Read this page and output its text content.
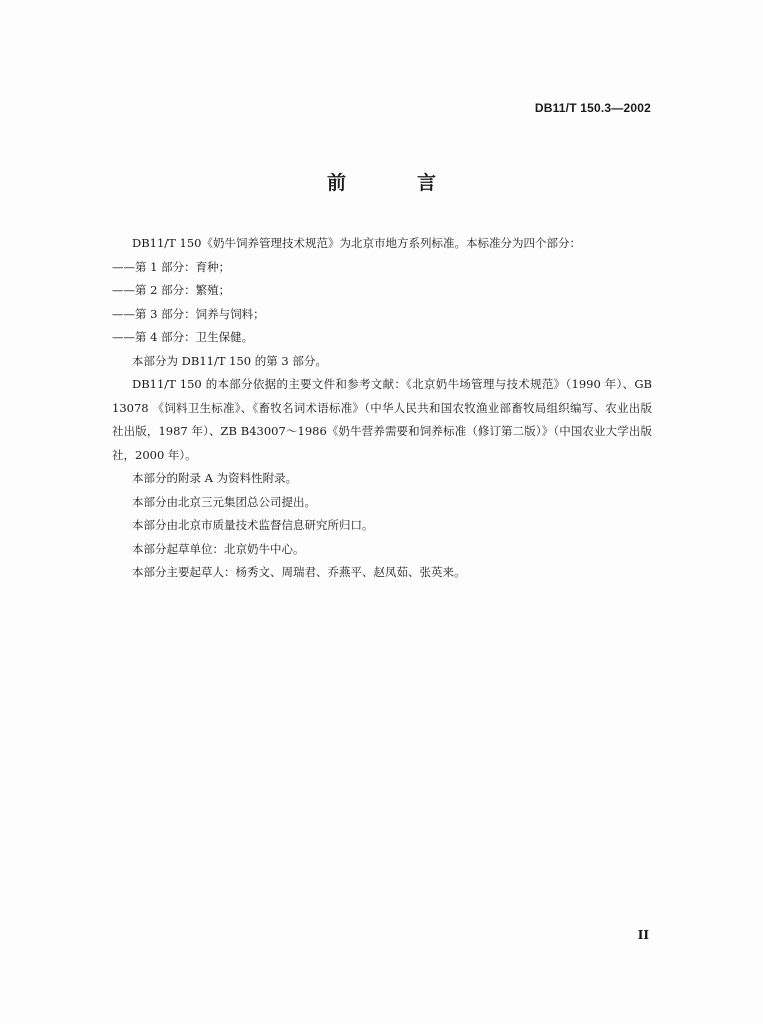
DB11/T 150.3—2002
前　言

DB11/T 150《奶牛饲养管理技术规范》为北京市地方系列标准。本标准分为四个部分：

——第 1 部分：育种；

——第 2 部分：繁殖；

——第 3 部分：饲养与饲料；

——第 4 部分：卫生保健。

本部分为 DB11/T 150 的第 3 部分。

DB11/T 150 的本部分依据的主要文件和参考文献：《北京奶牛场管理与技术规范》（1990 年）、GB 13078 《饲料卫生标准》、《畜牧名词术语标准》（中华人民共和国农牧渔业部畜牧局组织编写、农业出版社出版，1987 年）、ZB B43007～1986《奶牛营养需要和饲养标准（修订第二版）》（中国农业大学出版社，2000 年）。

本部分的附录 A 为资料性附录。

本部分由北京三元集团总公司提出。

本部分由北京市质量技术监督信息研究所归口。

本部分起草单位：北京奶牛中心。

本部分主要起草人：杨秀文、周瑞君、乔燕平、赵凤茹、张英来。

II
